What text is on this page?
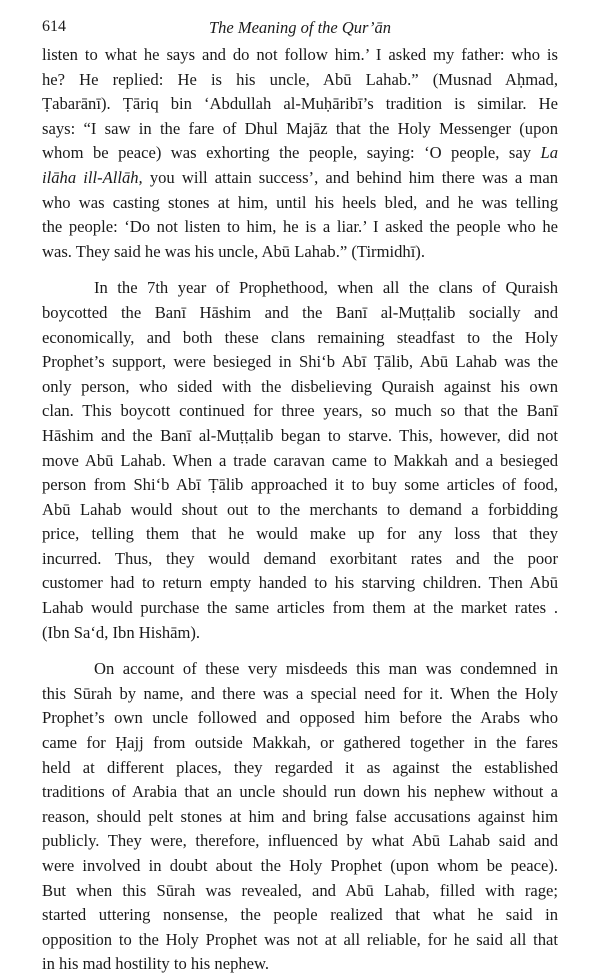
614	The Meaning of the Qur’ān
listen to what he says and do not follow him.’ I asked my father: who is
he? He replied: He is his uncle, Abū Lahab.” (Musnad Aḥmad,
Ṭabarānī). Ṭāriq bin ‘Abdullah al-Muḥāribī’s tradition is similar. He
says: “I saw in the fare of Dhul Majāz that the Holy Messenger (upon
whom be peace) was exhorting the people, saying: ‘O people, say La
ilāha ill-Allāh, you will attain success’, and behind him there was a man
who was casting stones at him, until his heels bled, and he was telling
the people: ‘Do not listen to him, he is a liar.’ I asked the people who he
was. They said he was his uncle, Abū Lahab.” (Tirmidhī).
In the 7th year of Prophethood, when all the clans of Quraish
boycotted the Banī Hāshim and the Banī al-Muṭṭalib socially and
economically, and both these clans remaining steadfast to the Holy
Prophet’s support, were besieged in Shi‘b Abī Ṭālib, Abū Lahab was the
only person, who sided with the disbelieving Quraish against his own
clan. This boycott continued for three years, so much so that the Banī
Hāshim and the Banī al-Muṭṭalib began to starve. This, however, did not
move Abū Lahab. When a trade caravan came to Makkah and a besieged
person from Shi‘b Abī Ṭālib approached it to buy some articles of food,
Abū Lahab would shout out to the merchants to demand a forbidding
price, telling them that he would make up for any loss that they
incurred. Thus, they would demand exorbitant rates and the poor
customer had to return empty handed to his starving children. Then Abū
Lahab would purchase the same articles from them at the market rates .
(Ibn Sa‘d, Ibn Hishām).
On account of these very misdeeds this man was condemned in
this Sūrah by name, and there was a special need for it. When the Holy
Prophet’s own uncle followed and opposed him before the Arabs who
came for Ḥajj from outside Makkah, or gathered together in the fares
held at different places, they regarded it as against the established
traditions of Arabia that an uncle should run down his nephew without a
reason, should pelt stones at him and bring false accusations against him
publicly. They were, therefore, influenced by what Abū Lahab said and
were involved in doubt about the Holy Prophet (upon whom be peace).
But when this Sūrah was revealed, and Abū Lahab, filled with rage;
started uttering nonsense, the people realized that what he said in
opposition to the Holy Prophet was not at all reliable, for he said all that
in his mad hostility to his nephew.
